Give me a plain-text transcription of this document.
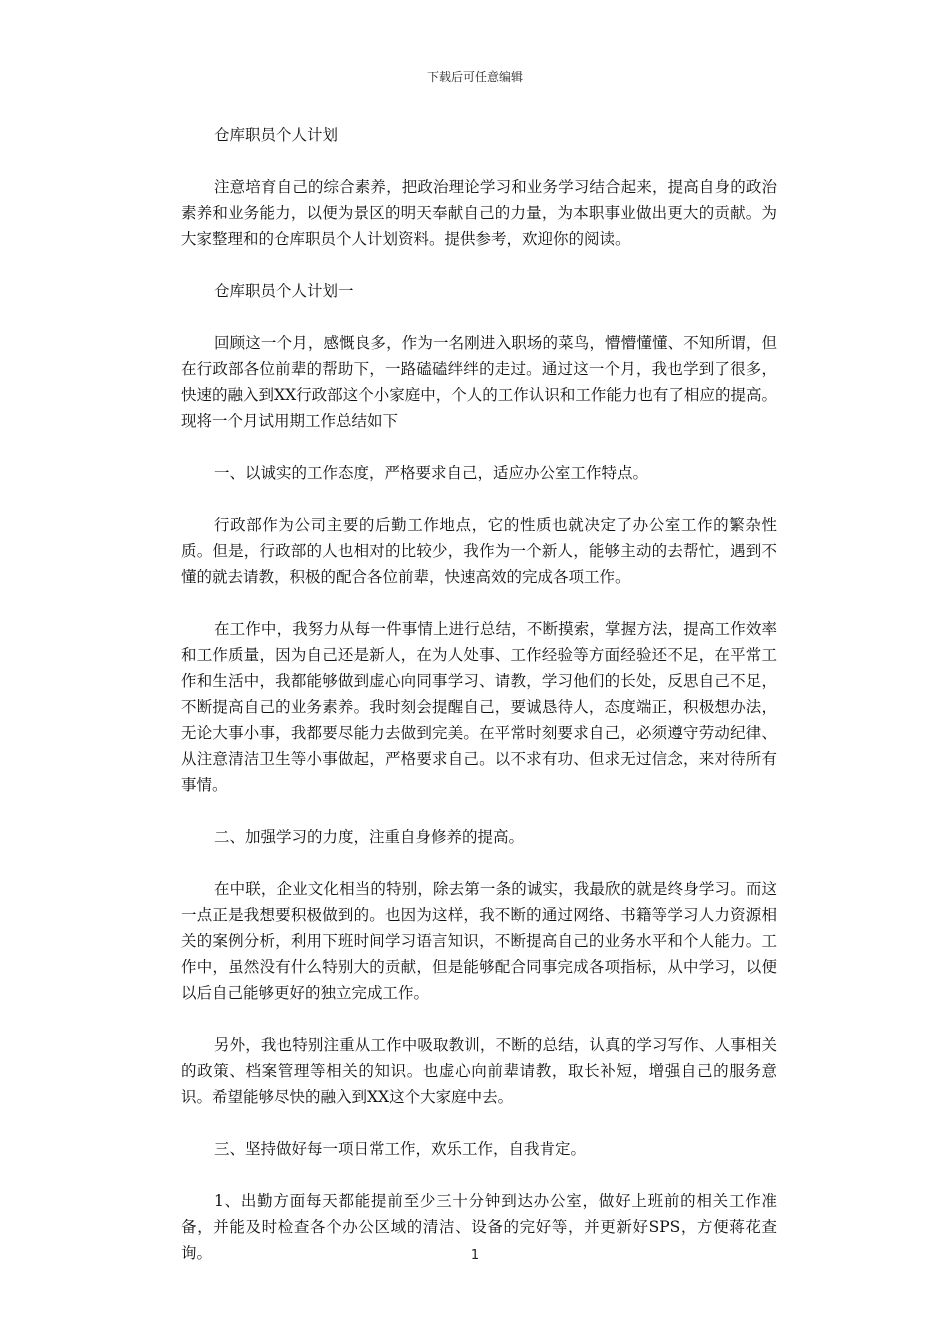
下载后可任意编辑

仓库职员个人计划

注意培育自己的综合素养，把政治理论学习和业务学习结合起来，提高自身的政治素养和业务能力，以便为景区的明天奉献自己的力量，为本职事业做出更大的贡献。为大家整理和的仓库职员个人计划资料。提供参考，欢迎你的阅读。

仓库职员个人计划一

回顾这一个月，感慨良多，作为一名刚进入职场的菜鸟，懵懵懂懂、不知所谓，但在行政部各位前辈的帮助下，一路磕磕绊绊的走过。通过这一个月，我也学到了很多，快速的融入到XX行政部这个小家庭中，个人的工作认识和工作能力也有了相应的提高。现将一个月试用期工作总结如下

一、以诚实的工作态度，严格要求自己，适应办公室工作特点。

行政部作为公司主要的后勤工作地点，它的性质也就决定了办公室工作的繁杂性质。但是，行政部的人也相对的比较少，我作为一个新人，能够主动的去帮忙，遇到不懂的就去请教，积极的配合各位前辈，快速高效的完成各项工作。

在工作中，我努力从每一件事情上进行总结，不断摸索，掌握方法，提高工作效率和工作质量，因为自己还是新人，在为人处事、工作经验等方面经验还不足，在平常工作和生活中，我都能够做到虚心向同事学习、请教，学习他们的长处，反思自己不足，不断提高自己的业务素养。我时刻会提醒自己，要诚恳待人，态度端正，积极想办法，无论大事小事，我都要尽能力去做到完美。在平常时刻要求自己，必须遵守劳动纪律、从注意清洁卫生等小事做起，严格要求自己。以不求有功、但求无过信念，来对待所有事情。

二、加强学习的力度，注重自身修养的提高。

在中联，企业文化相当的特别，除去第一条的诚实，我最欣的就是终身学习。而这一点正是我想要积极做到的。也因为这样，我不断的通过网络、书籍等学习人力资源相关的案例分析，利用下班时间学习语言知识，不断提高自己的业务水平和个人能力。工作中，虽然没有什么特别大的贡献，但是能够配合同事完成各项指标，从中学习，以便以后自己能够更好的独立完成工作。

另外，我也特别注重从工作中吸取教训，不断的总结，认真的学习写作、人事相关的政策、档案管理等相关的知识。也虚心向前辈请教，取长补短，增强自己的服务意识。希望能够尽快的融入到XX这个大家庭中去。

三、坚持做好每一项日常工作，欢乐工作，自我肯定。

1、出勤方面每天都能提前至少三十分钟到达办公室，做好上班前的相关工作准备，并能及时检查各个办公区域的清洁、设备的完好等，并更新好SPS，方便蒋花查询。	1
